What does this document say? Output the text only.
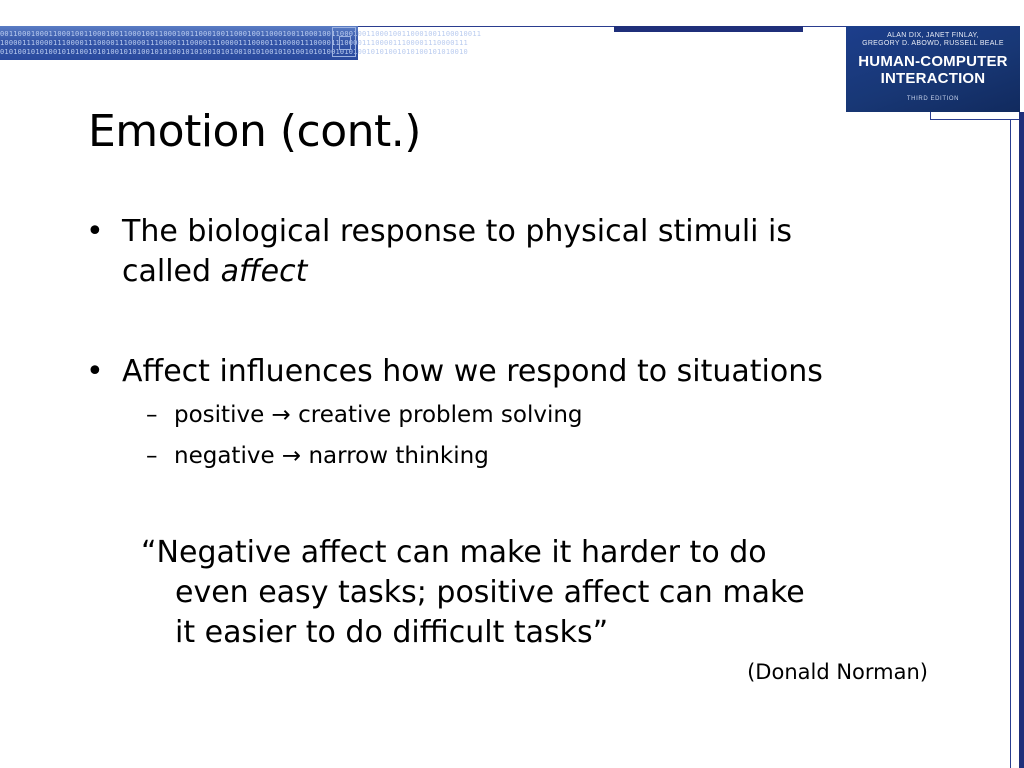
0011000100011000100110001001100010011000100110001001100010011000100110001001100010011000100110001001100010011
1000011100001110000111000011100001110000111000011100001110000111000011100001110000111000011100001110000111
0101001010100101010010101001010100101010010101001010100101010010101001010100101010010101001010100101010010
ALAN DIX, JANET FINLAY,
GREGORY D. ABOWD, RUSSELL BEALE
HUMAN-COMPUTER
INTERACTION
THIRD EDITION
Emotion (cont.)
• The biological response to physical stimuli is
called affect
• Affect influences how we respond to situations
– positive → creative problem solving
– negative → narrow thinking
“Negative affect can make it harder to do
even easy tasks; positive affect can make
it easier to do difficult tasks”
(Donald Norman)
